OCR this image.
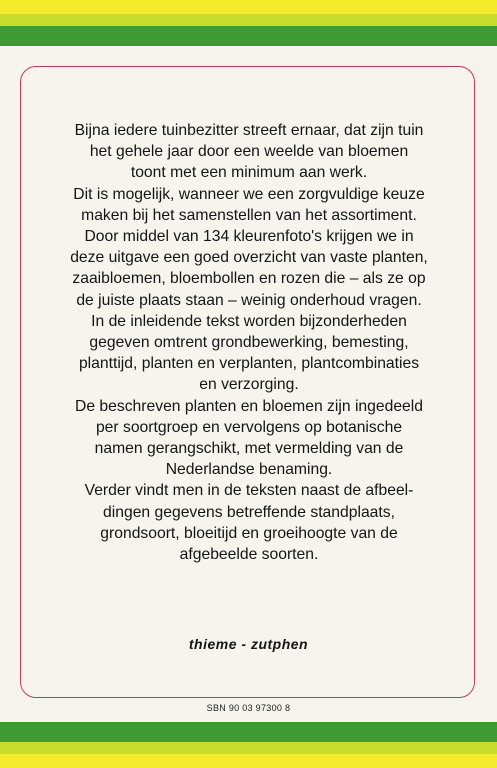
Bijna iedere tuinbezitter streeft ernaar, dat zijn tuin
het gehele jaar door een weelde van bloemen
toont met een minimum aan werk.
Dit is mogelijk, wanneer we een zorgvuldige keuze
maken bij het samenstellen van het assortiment.
Door middel van 134 kleurenfoto's krijgen we in
deze uitgave een goed overzicht van vaste planten,
zaaibloemen, bloembollen en rozen die – als ze op
de juiste plaats staan – weinig onderhoud vragen.
In de inleidende tekst worden bijzonderheden
gegeven omtrent grondbewerking, bemesting,
planttijd, planten en verplanten, plantcombinaties
en verzorging.
De beschreven planten en bloemen zijn ingedeeld
per soortgroep en vervolgens op botanische
namen gerangschikt, met vermelding van de
Nederlandse benaming.
Verder vindt men in de teksten naast de afbeel-
dingen gegevens betreffende standplaats,
grondsoort, bloeitijd en groeihoogte van de
afgebeelde soorten.

thieme - zutphen
SBN 90 03 97300 8
